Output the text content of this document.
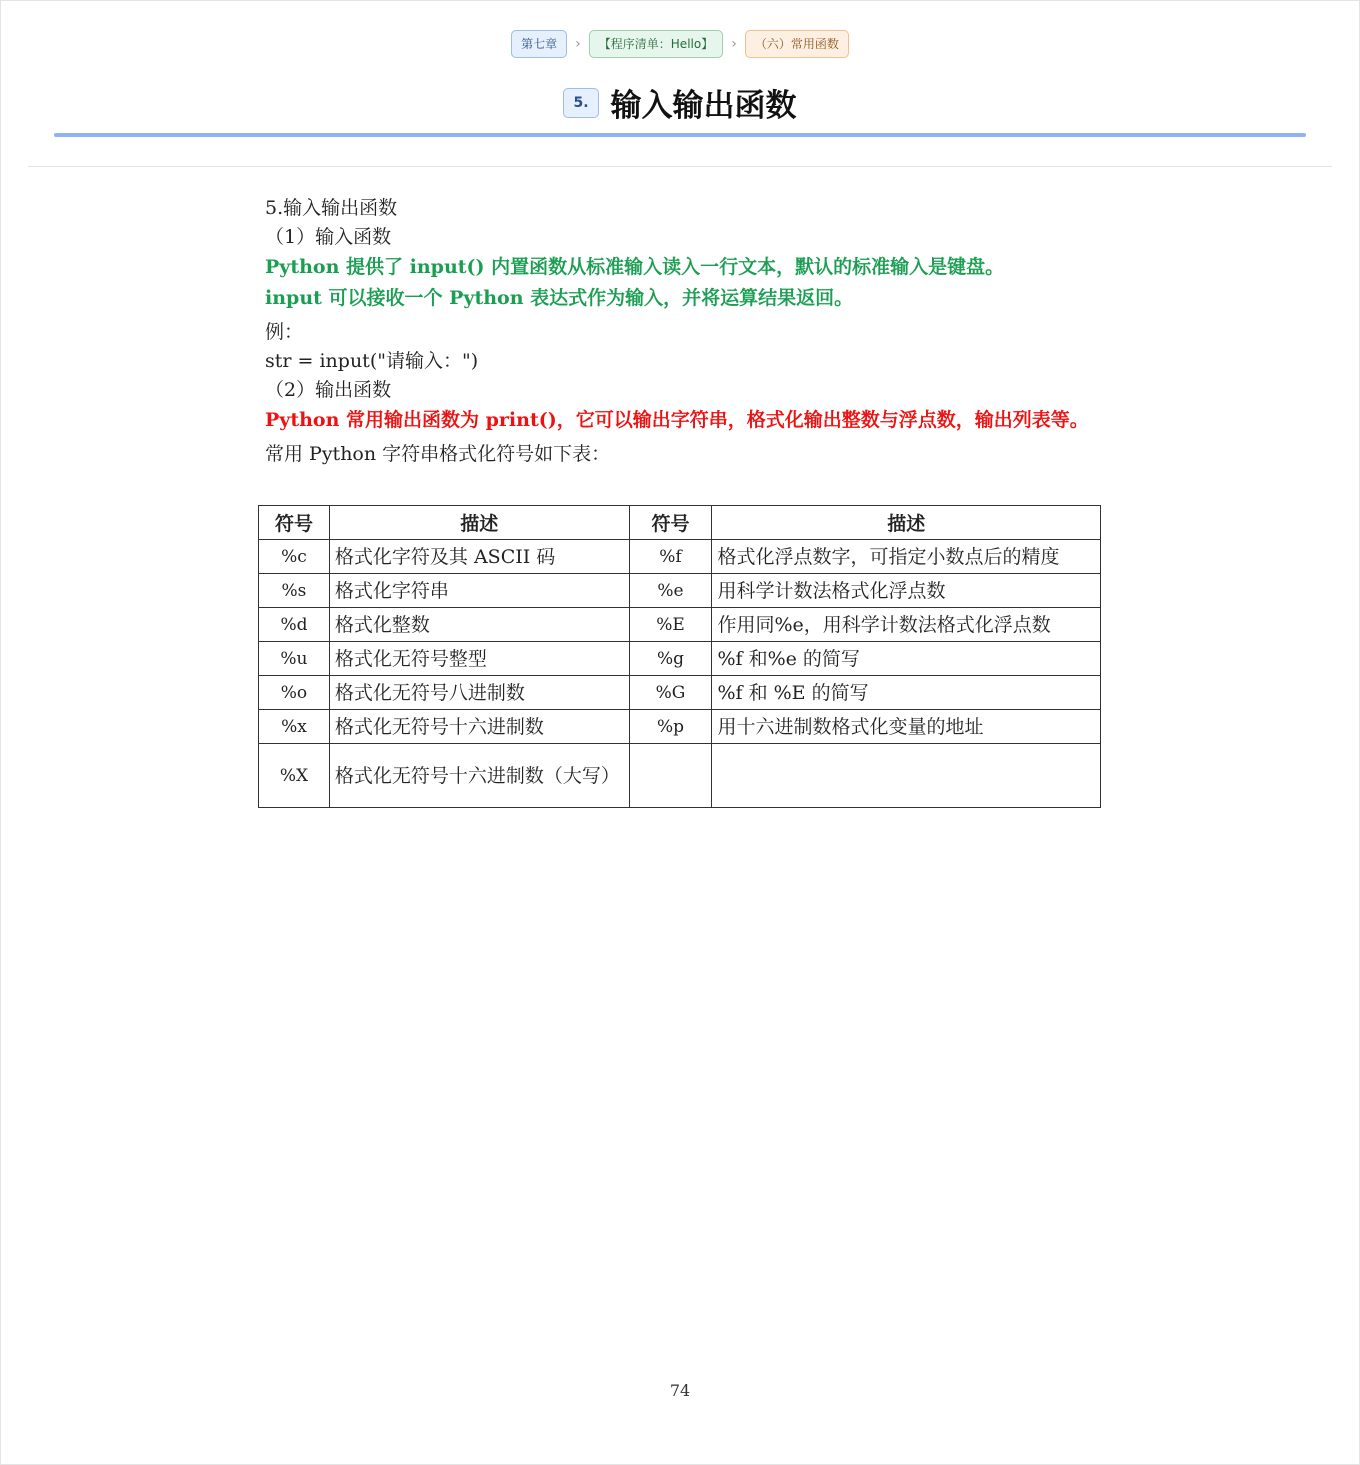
第七章	›	【程序清单：Hello】	›	（六）常用函数
5. 输入输出函数
5.输入输出函数
（1）输入函数
Python 提供了 input() 内置函数从标准输入读入一行文本，默认的标准输入是键盘。
input 可以接收一个 Python 表达式作为输入，并将运算结果返回。
例：
str = input("请输入：")
（2）输出函数
Python 常用输出函数为 print()，它可以输出字符串，格式化输出整数与浮点数，输出列表等。
常用 Python 字符串格式化符号如下表：
符号	描述	符号	描述
%c	格式化字符及其 ASCII 码	%f	格式化浮点数字，可指定小数点后的精度
%s	格式化字符串	%e	用科学计数法格式化浮点数
%d	格式化整数	%E	作用同%e，用科学计数法格式化浮点数
%u	格式化无符号整型	%g	%f 和%e 的简写
%o	格式化无符号八进制数	%G	%f 和 %E 的简写
%x	格式化无符号十六进制数	%p	用十六进制数格式化变量的地址
%X	格式化无符号十六进制数（大写）		
74
